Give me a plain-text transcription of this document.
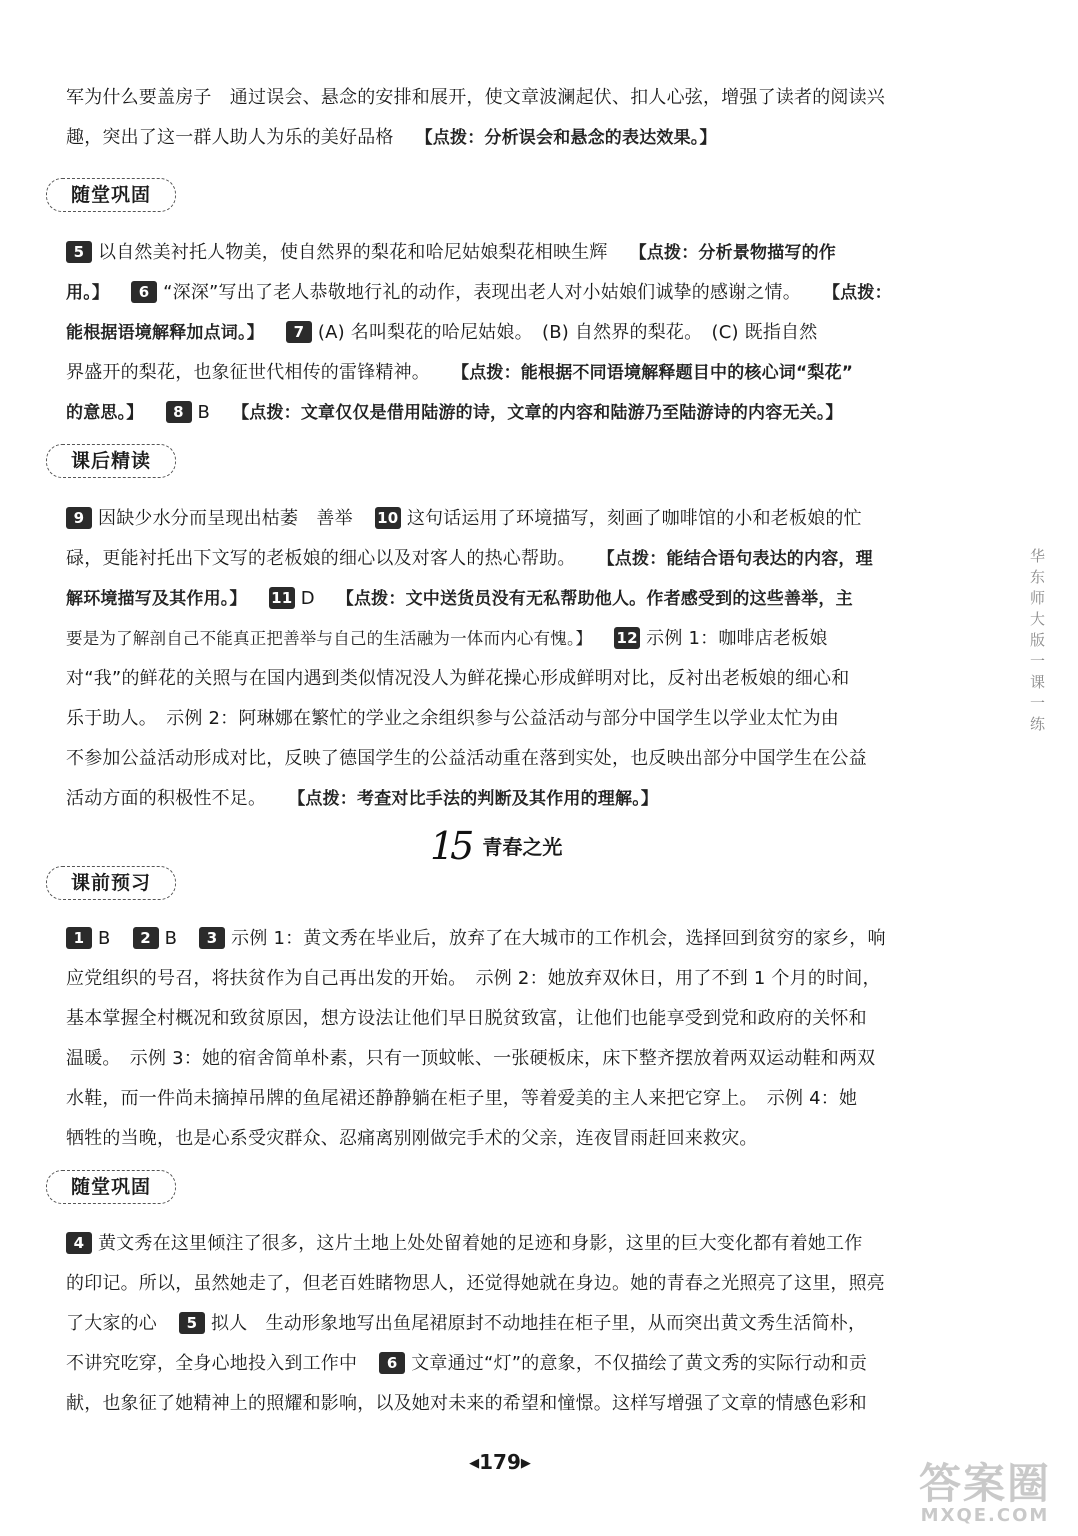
军为什么要盖房子　通过误会、悬念的安排和展开，使文章波澜起伏、扣人心弦，增强了读者的阅读兴
趣，突出了这一群人助人为乐的美好品格 【点拨：分析误会和悬念的表达效果。】
随堂巩固
5 以自然美衬托人物美，使自然界的梨花和哈尼姑娘梨花相映生辉 【点拨：分析景物描写的作
用。】 6 “深深”写出了老人恭敬地行礼的动作，表现出老人对小姑娘们诚挚的感谢之情。 【点拨：
能根据语境解释加点词。】 7 (A) 名叫梨花的哈尼姑娘。　(B) 自然界的梨花。　(C) 既指自然
界盛开的梨花，也象征世代相传的雷锋精神。 【点拨：能根据不同语境解释题目中的核心词“梨花”
的意思。】 8 B 【点拨：文章仅仅是借用陆游的诗，文章的内容和陆游乃至陆游诗的内容无关。】
课后精读
9 因缺少水分而呈现出枯萎　善举 10 这句话运用了环境描写，刻画了咖啡馆的小和老板娘的忙
碌，更能衬托出下文写的老板娘的细心以及对客人的热心帮助。 【点拨：能结合语句表达的内容，理
解环境描写及其作用。】 11 D 【点拨：文中送货员没有无私帮助他人。作者感受到的这些善举，主
要是为了解剖自己不能真正把善举与自己的生活融为一体而内心有愧。】 12 示例 1：咖啡店老板娘
对“我”的鲜花的关照与在国内遇到类似情况没人为鲜花操心形成鲜明对比，反衬出老板娘的细心和
乐于助人。　示例 2：阿琳娜在繁忙的学业之余组织参与公益活动与部分中国学生以学业太忙为由
不参加公益活动形成对比，反映了德国学生的公益活动重在落到实处，也反映出部分中国学生在公益
活动方面的积极性不足。 【点拨：考查对比手法的判断及其作用的理解。】
15 青春之光
课前预习
1 B 2 B 3 示例 1：黄文秀在毕业后，放弃了在大城市的工作机会，选择回到贫穷的家乡，响
应党组织的号召，将扶贫作为自己再出发的开始。　示例 2：她放弃双休日，用了不到 1 个月的时间，
基本掌握全村概况和致贫原因，想方设法让他们早日脱贫致富，让他们也能享受到党和政府的关怀和
温暖。　示例 3：她的宿舍简单朴素，只有一顶蚊帐、一张硬板床，床下整齐摆放着两双运动鞋和两双
水鞋，而一件尚未摘掉吊牌的鱼尾裙还静静躺在柜子里，等着爱美的主人来把它穿上。　示例 4：她
牺牲的当晚，也是心系受灾群众、忍痛离别刚做完手术的父亲，连夜冒雨赶回来救灾。
随堂巩固
4 黄文秀在这里倾注了很多，这片土地上处处留着她的足迹和身影，这里的巨大变化都有着她工作
的印记。所以，虽然她走了，但老百姓睹物思人，还觉得她就在身边。她的青春之光照亮了这里，照亮
了大家的心 5 拟人　生动形象地写出鱼尾裙原封不动地挂在柜子里，从而突出黄文秀生活简朴，
不讲究吃穿，全身心地投入到工作中 6 文章通过“灯”的意象，不仅描绘了黄文秀的实际行动和贡
献，也象征了她精神上的照耀和影响，以及她对未来的希望和憧憬。这样写增强了文章的情感色彩和
华东师大版一课一练
◀179▶	答案圈
MXQE.COM
